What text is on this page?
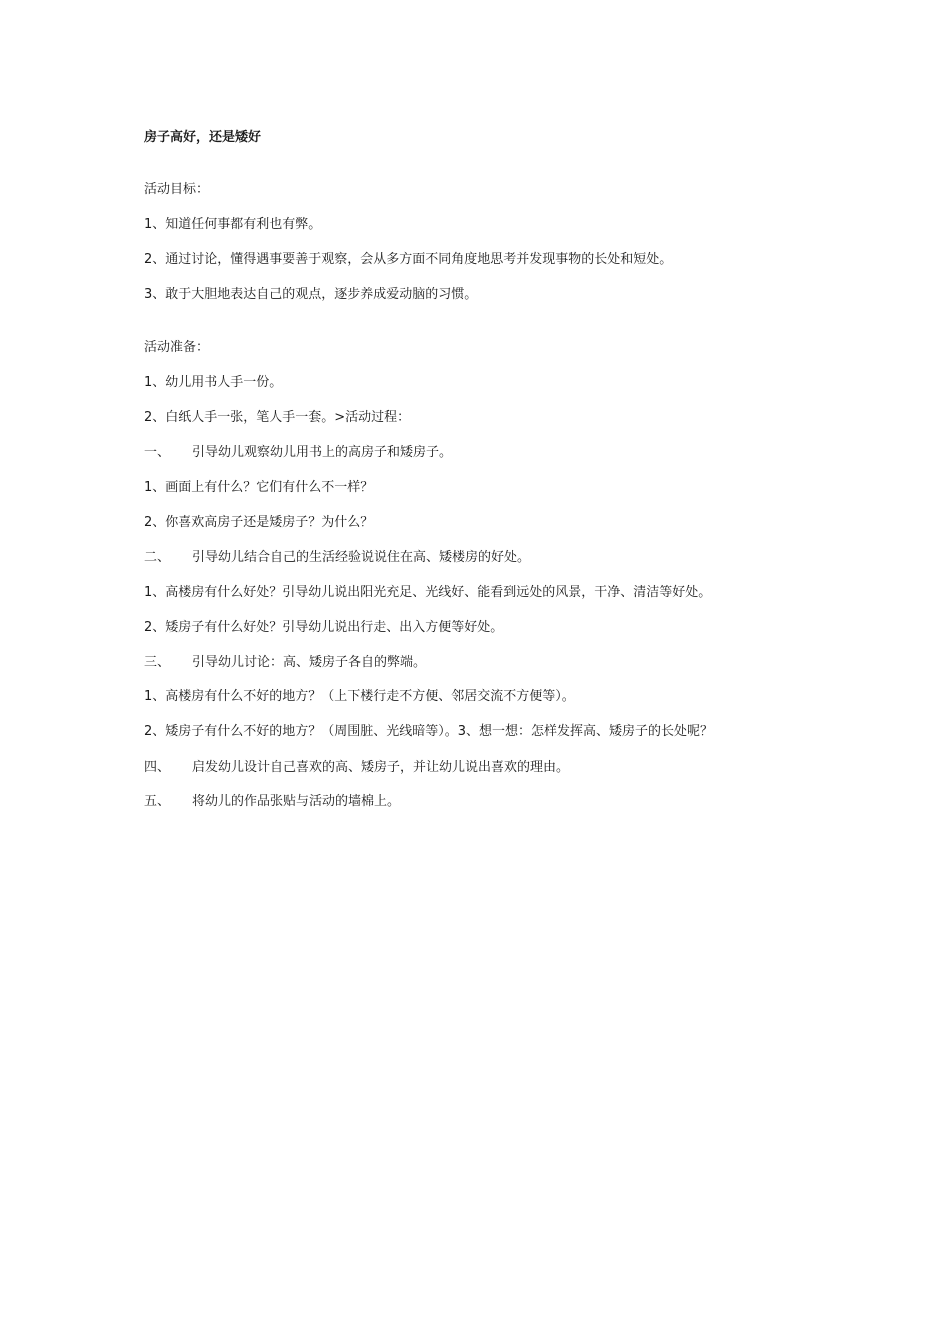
房子高好，还是矮好
活动目标：
1、知道任何事都有利也有弊。
2、通过讨论，懂得遇事要善于观察，会从多方面不同角度地思考并发现事物的长处和短处。
3、敢于大胆地表达自己的观点，逐步养成爱动脑的习惯。
活动准备：
1、幼儿用书人手一份。
2、白纸人手一张，笔人手一套。>活动过程：
一、 引导幼儿观察幼儿用书上的高房子和矮房子。
1、画面上有什么？它们有什么不一样？
2、你喜欢高房子还是矮房子？为什么？
二、 引导幼儿结合自己的生活经验说说住在高、矮楼房的好处。
1、高楼房有什么好处？引导幼儿说出阳光充足、光线好、能看到远处的风景，干净、清洁等好处。
2、矮房子有什么好处？引导幼儿说出行走、出入方便等好处。
三、 引导幼儿讨论：高、矮房子各自的弊端。
1、高楼房有什么不好的地方？（上下楼行走不方便、邻居交流不方便等）。
2、矮房子有什么不好的地方？（周围脏、光线暗等）。3、想一想：怎样发挥高、矮房子的长处呢？
四、 启发幼儿设计自己喜欢的高、矮房子，并让幼儿说出喜欢的理由。
五、 将幼儿的作品张贴与活动的墙棉上。
